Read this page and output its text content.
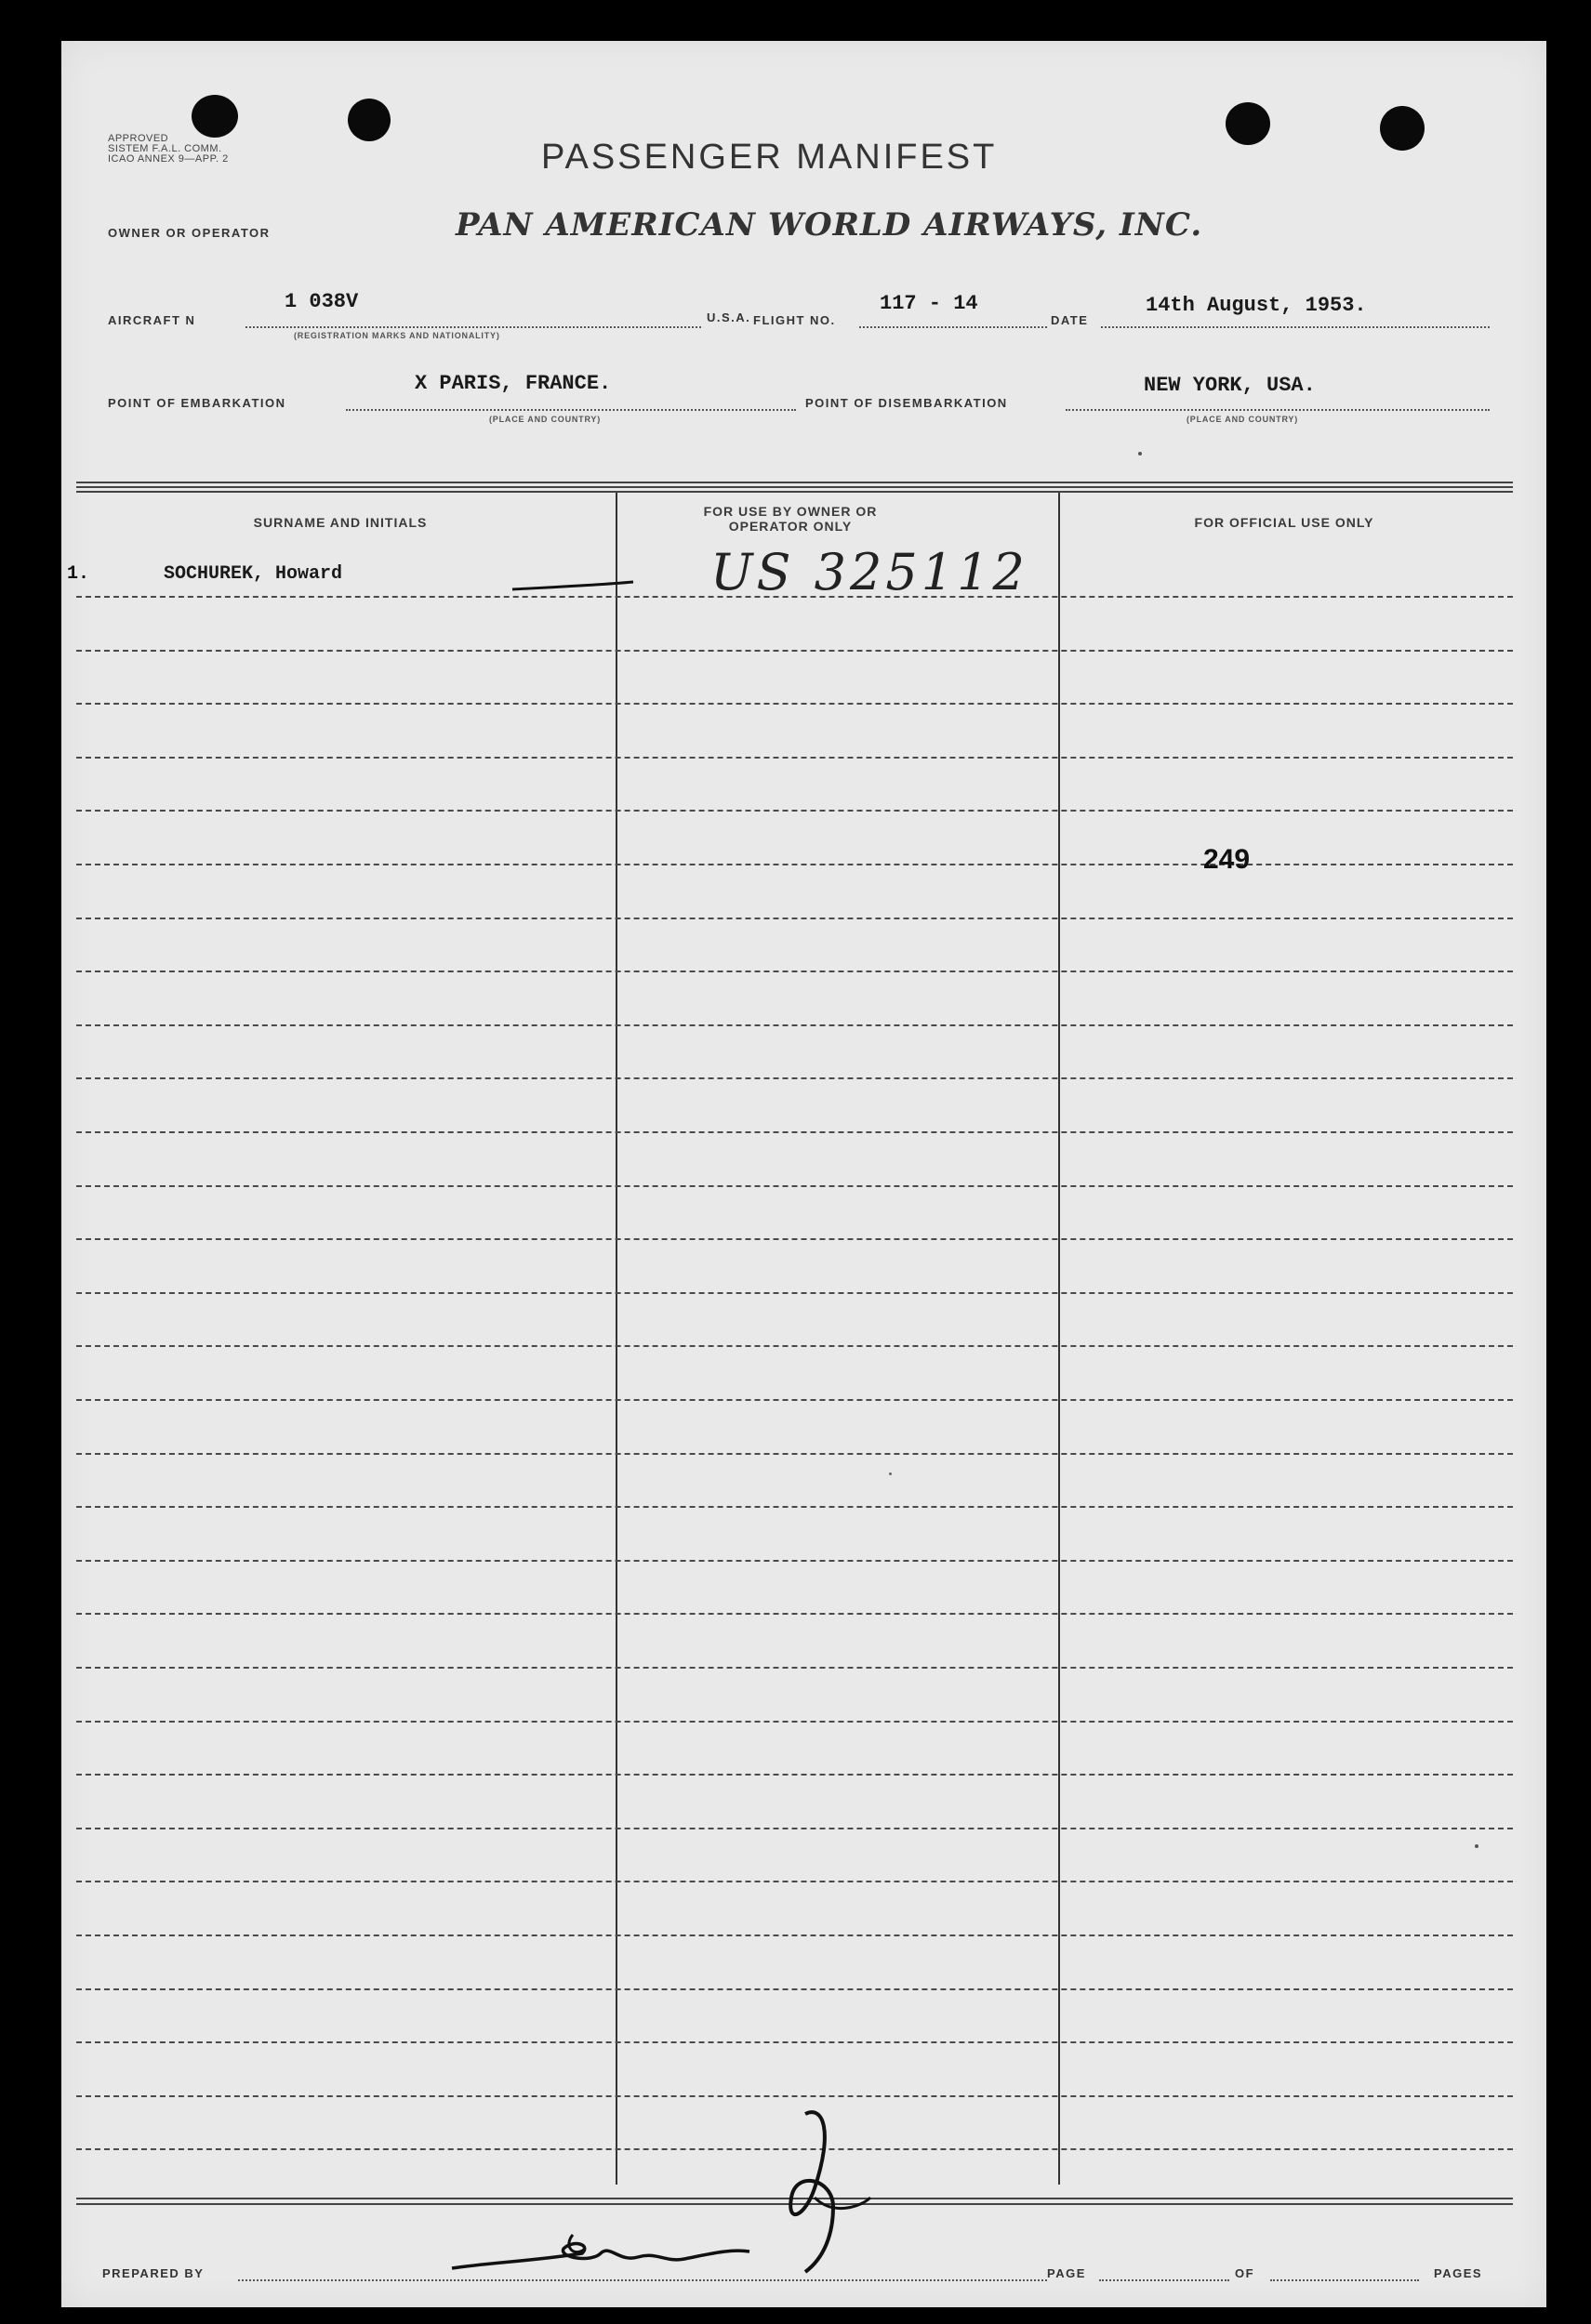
APPROVED
SISTEM F.A.L. COMM.
ICAO ANNEX 9—APP. 2	PASSENGER MANIFEST
OWNER OR OPERATOR	PAN AMERICAN WORLD AIRWAYS, INC.
AIRCRAFT N
1 038V
(REGISTRATION MARKS AND NATIONALITY)
U.S.A. FLIGHT NO.
117 - 14
DATE
14th August, 1953.
POINT OF EMBARKATION
X PARIS, FRANCE.
(PLACE AND COUNTRY)
POINT OF DISEMBARKATION
NEW YORK, USA.
(PLACE AND COUNTRY)
SURNAME AND INITIALS
FOR USE BY OWNER OR OPERATOR ONLY	FOR OFFICIAL USE ONLY
1.	SOCHUREK, Howard	US 325112
249
PREPARED BY	PAGE	OF	PAGES
